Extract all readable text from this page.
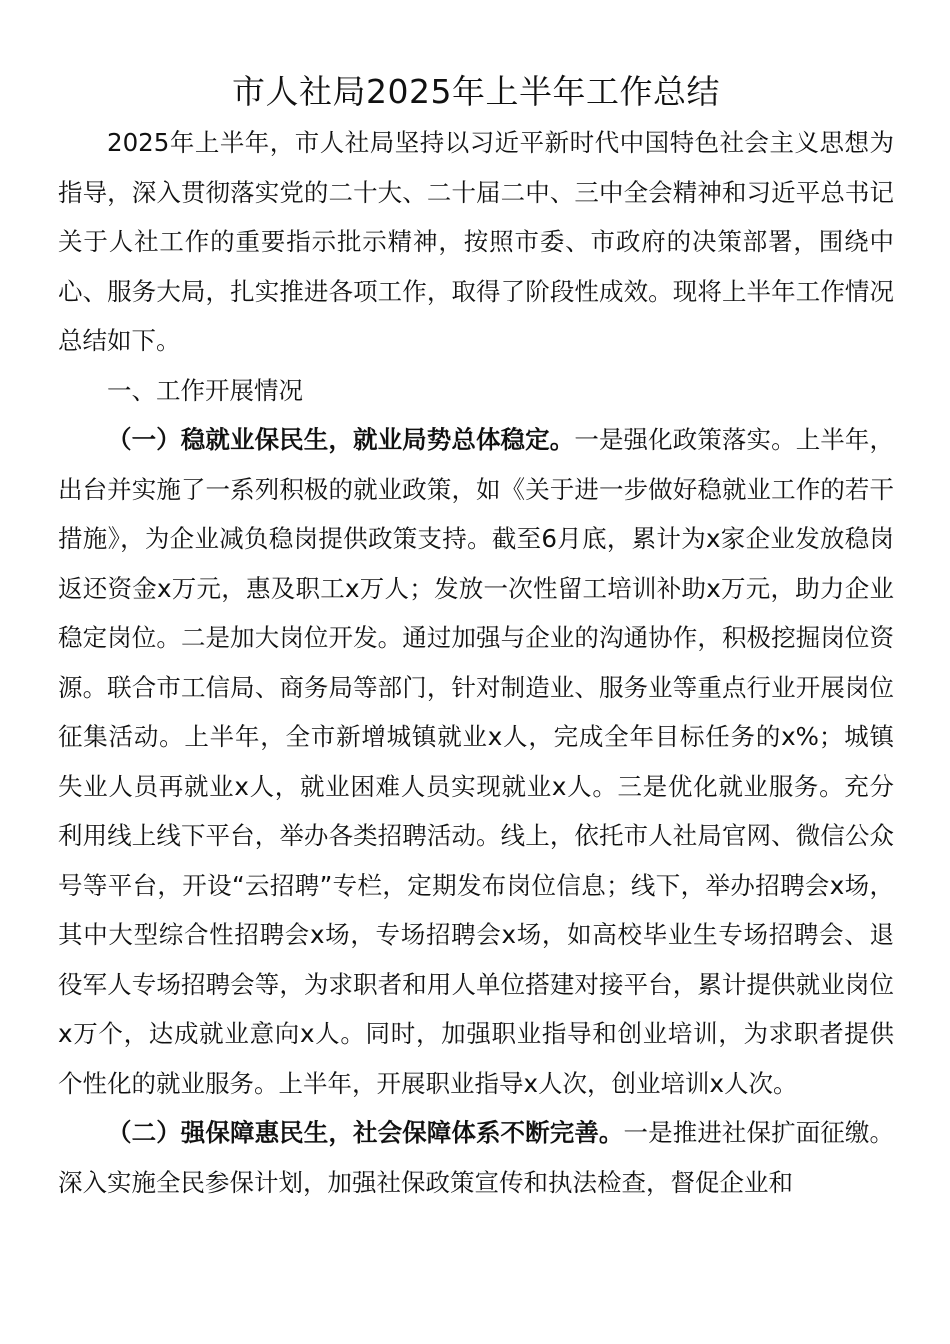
市人社局2025年上半年工作总结

2025年上半年，市人社局坚持以习近平新时代中国特色社会主义思想为指导，深入贯彻落实党的二十大、二十届二中、三中全会精神和习近平总书记关于人社工作的重要指示批示精神，按照市委、市政府的决策部署，围绕中心、服务大局，扎实推进各项工作，取得了阶段性成效。现将上半年工作情况总结如下。

一、工作开展情况

（一）稳就业保民生，就业局势总体稳定。一是强化政策落实。上半年，出台并实施了一系列积极的就业政策，如《关于进一步做好稳就业工作的若干措施》，为企业减负稳岗提供政策支持。截至6月底，累计为x家企业发放稳岗返还资金x万元，惠及职工x万人；发放一次性留工培训补助x万元，助力企业稳定岗位。二是加大岗位开发。通过加强与企业的沟通协作，积极挖掘岗位资源。联合市工信局、商务局等部门，针对制造业、服务业等重点行业开展岗位征集活动。上半年，全市新增城镇就业x人，完成全年目标任务的x%；城镇失业人员再就业x人，就业困难人员实现就业x人。三是优化就业服务。充分利用线上线下平台，举办各类招聘活动。线上，依托市人社局官网、微信公众号等平台，开设“云招聘”专栏，定期发布岗位信息；线下，举办招聘会x场，其中大型综合性招聘会x场，专场招聘会x场，如高校毕业生专场招聘会、退役军人专场招聘会等，为求职者和用人单位搭建对接平台，累计提供就业岗位x万个，达成就业意向x人。同时，加强职业指导和创业培训，为求职者提供个性化的就业服务。上半年，开展职业指导x人次，创业培训x人次。

（二）强保障惠民生，社会保障体系不断完善。一是推进社保扩面征缴。深入实施全民参保计划，加强社保政策宣传和执法检查，督促企业和
